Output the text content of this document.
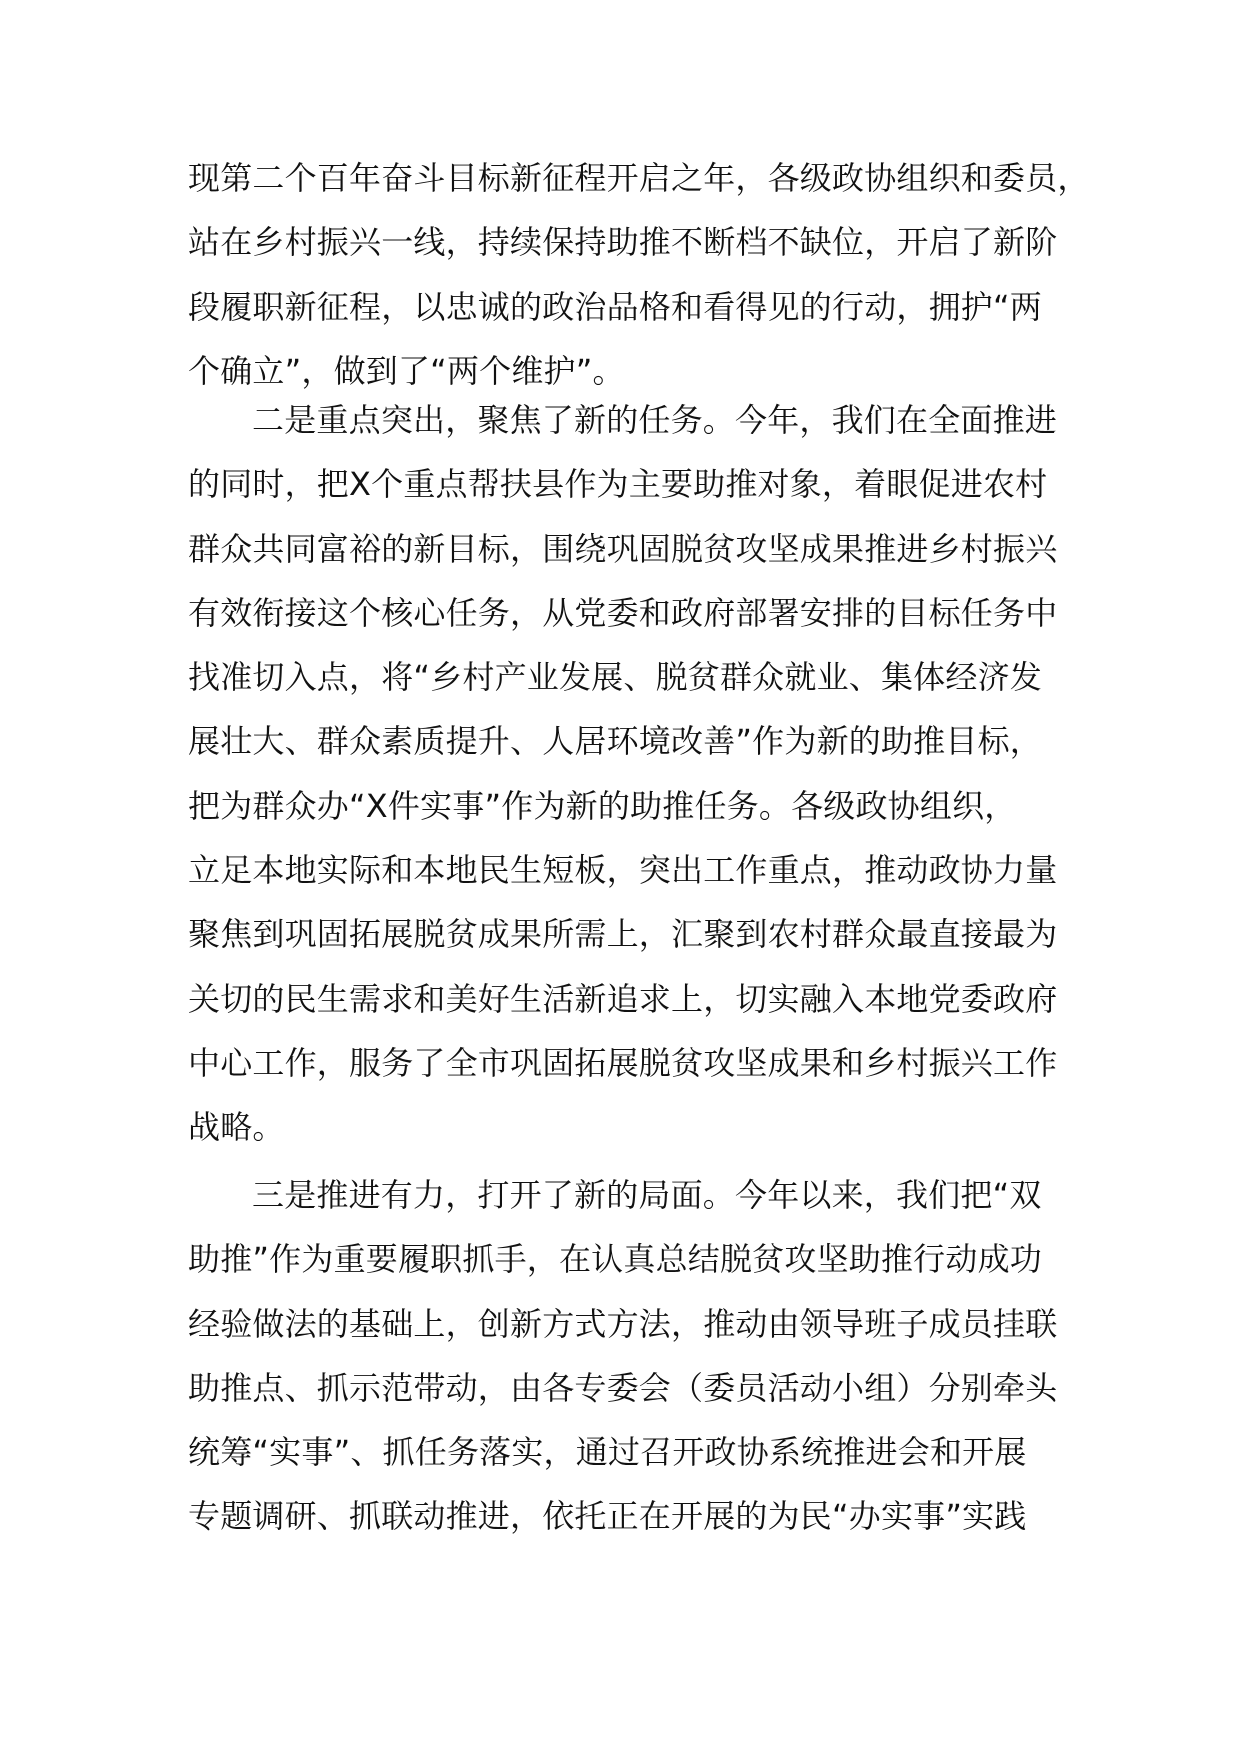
现第二个百年奋斗目标新征程开启之年，各级政协组织和委员，
站在乡村振兴一线，持续保持助推不断档不缺位，开启了新阶
段履职新征程，以忠诚的政治品格和看得见的行动，拥护“两
个确立”，做到了“两个维护”。
二是重点突出，聚焦了新的任务。今年，我们在全面推进
的同时，把X个重点帮扶县作为主要助推对象，着眼促进农村
群众共同富裕的新目标，围绕巩固脱贫攻坚成果推进乡村振兴
有效衔接这个核心任务，从党委和政府部署安排的目标任务中
找准切入点，将“乡村产业发展、脱贫群众就业、集体经济发
展壮大、群众素质提升、人居环境改善”作为新的助推目标，
把为群众办“X件实事”作为新的助推任务。各级政协组织，
立足本地实际和本地民生短板，突出工作重点，推动政协力量
聚焦到巩固拓展脱贫成果所需上，汇聚到农村群众最直接最为
关切的民生需求和美好生活新追求上，切实融入本地党委政府
中心工作，服务了全市巩固拓展脱贫攻坚成果和乡村振兴工作
战略。
三是推进有力，打开了新的局面。今年以来，我们把“双
助推”作为重要履职抓手，在认真总结脱贫攻坚助推行动成功
经验做法的基础上，创新方式方法，推动由领导班子成员挂联
助推点、抓示范带动，由各专委会（委员活动小组）分别牵头
统筹“实事”、抓任务落实，通过召开政协系统推进会和开展
专题调研、抓联动推进，依托正在开展的为民“办实事”实践
